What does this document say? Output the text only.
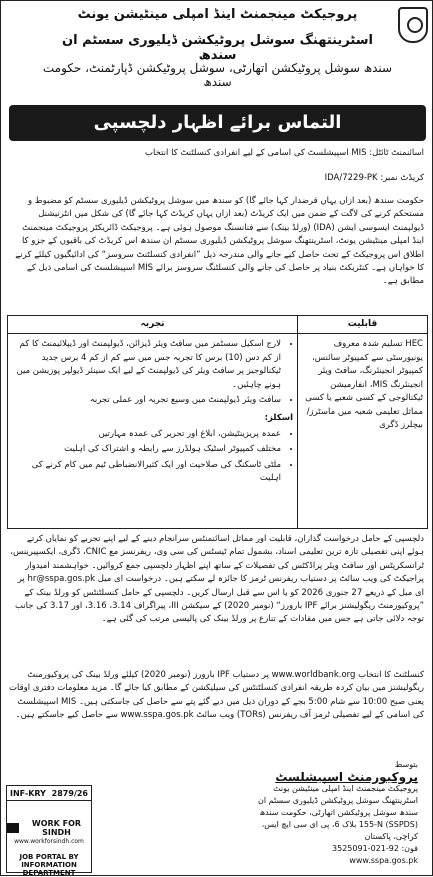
پروجیکٹ مینجمنٹ اینڈ امپلی مینٹیشن یونٹ
اسٹرینتھنگ سوشل پروٹیکشن ڈیلیوری سسٹم ان سندھ
سندھ سوشل پروٹیکشن اتھارٹی، سوشل پروٹیکشن ڈپارٹمنٹ، حکومت سندھ
التماس برائے اظہار دلچسپی
اسائنمنٹ ٹائٹل: MIS اسپیشلسٹ کی اسامی کے لیے انفرادی کنسلٹنٹ کا انتخاب
IDA/7229-PK :کریڈٹ نمبر
حکومت سندھ (بعد ازاں یہاں قرضدار کہا جائے گا) کو سندھ میں سوشل پروٹیکشن ڈیلیوری سسٹم کو مضبوط و مستحکم کرنے کی لاگت کے ضمن میں ایک کریڈٹ (بعد ازاں یہاں کریڈٹ کہا جائے گا) کی شکل میں انٹرنیشنل ڈیولپمنٹ ایسوسی ایشن (IDA) (ورلڈ بینک) سے فنانسنگ موصول ہوئی ہے۔ پروجیکٹ ڈائریکٹر پروجیکٹ مینجمنٹ اینڈ امپلی مینٹیشن یونٹ، اسٹرینتھنگ سوشل پروٹیکشن ڈیلیوری سسٹم ان سندھ اس کریڈٹ کی باقیوں کے جزو کا اطلاق اس پروجیکٹ کے تحت حاصل کیے جانے والی مندرجہ ذیل ”انفرادی کنسلٹنٹ سروسز“ کی ادائیگیوں کیلئے کرنے کا خواہاں ہے۔ کنٹریکٹ بنیاد پر حاصل کی جانے والی کنسلٹنگ سروسز برائے MIS اسپیشلسٹ کی اسامی ذیل کے مطابق ہے۔
قابلیت
تجربہ
HEC تسلیم شدہ معروف یونیورسٹی سے کمپیوٹر سائنس، کمپیوٹر انجینئرنگ، سافٹ ویئر انجینئرنگ MIS، انفارمیشن ٹیکنالوجی کے کسی شعبے یا کسی مماثل تعلیمی شعبہ میں ماسٹرز/بیچلرز ڈگری
• لارج اسکیل سسٹمز میں سافٹ ویئر ڈیزائن، ڈیولپمنٹ اور ڈیپلائیمنٹ کا کم از کم دس (10) برس کا تجربہ جس میں سے کم از کم 4 برس جدید ٹیکنالوجیز پر سافٹ ویئر کی ڈیولپمنٹ کے لیے ایک سینئر ڈیولپر پوزیشن میں ہونے چاہئیں۔
• سافٹ ویئر ڈیولپمنٹ میں وسیع تجربہ اور عملی تجربہ
اسکلز:
• عمدہ پریزینٹیشن، ابلاغ اور تحریر کی عمدہ مہارتیں
• مختلف کمپیوٹر اسٹیک ہولڈرز سے رابطہ و اشتراک کی اہلیت
• ملٹی ٹاسکنگ کی صلاحیت اور ایک کثیرالانضباطی ٹیم میں کام کرنے کی اہلیت
دلچسپی کے حامل درخواست گذاران، قابلیت اور مماثل اسائنمنٹس سرانجام دینے کے لیے اپنے تجربے کو نمایاں کرتے ہوئے اپنی تفصیلی تازہ ترین تعلیمی اسناد، بشمول تمام ٹیسٹس کی سی وی، ریفرنسز مع CNIC، ڈگری، ایکسپیرینس، ٹرانسکرپٹس اور سافٹ ویئر پراڈکٹس کی تفصیلات کے ساتھ اپنے اظہار دلچسپی جمع کروائیں۔ خواہشمند امیدوار پراجیکٹ کی ویب سائٹ پر دستیاب ریفرنس ٹرمز کا جائزہ لے سکتے ہیں۔ درخواست ای میل hr@sspa.gos.pk پر ای میل کے ذریعے 27 جنوری 2026 کو یا اس سے قبل ارسال کریں۔ دلچسپی کے حامل کنسلٹنٹس کو ورلڈ بینک کے ”پروکیورمنٹ ریگولیشنز برائے IPF بارورز“ (نومبر 2020) کے سیکشن III، پیراگراف 3.14، 3.16، اور 3.17 کی جانب توجہ دلائی جاتی ہے جس میں مفادات کے تنازع پر ورلڈ بینک کی پالیسی مرتب کی گئی ہے۔
کنسلٹنٹ کا انتخاب www.worldbank.org پر دستیاب IPF بارورز (نومبر 2020) کیلئے ورلڈ بینک کی پروکیورمنٹ ریگولیشنز میں بیان کردہ طریقہ انفرادی کنسلٹنٹس کی سیلیکشن کے مطابق کیا جائے گا۔ مزید معلومات دفتری اوقات یعنی صبح 10:00 سے شام 5:00 بجے کے دوران ذیل میں دیے گئے پتے سے حاصل کی جاسکتی ہیں۔ MIS اسپیشلسٹ کی اسامی کے لیے تفصیلی ٹرمز آف ریفرنس (TORs) ویب سائٹ www.sspa.gos.pk سے حاصل کیے جاسکتے ہیں۔
بتوسط
پروکیورمنٹ اسپیشلسٹ
پروجیکٹ مینجمنٹ اینڈ امپلی مینٹیشن یونٹ اسٹرینتھنگ سوشل پروٹیکشن ڈیلیوری سسٹم ان سندھ سوشل پروٹیکشن اتھارٹی، حکومت سندھ
(SSPDS) 155-N بلاک 6، پی ای سی ایچ ایس، کراچی، پاکستان
فون: 92-021-3525091
www.sspa.gos.pk
INF-KRY 2879/26
WORK FOR SINDH
www.workforsindh.com
JOB PORTAL BY
INFORMATION DEPARTMENT
